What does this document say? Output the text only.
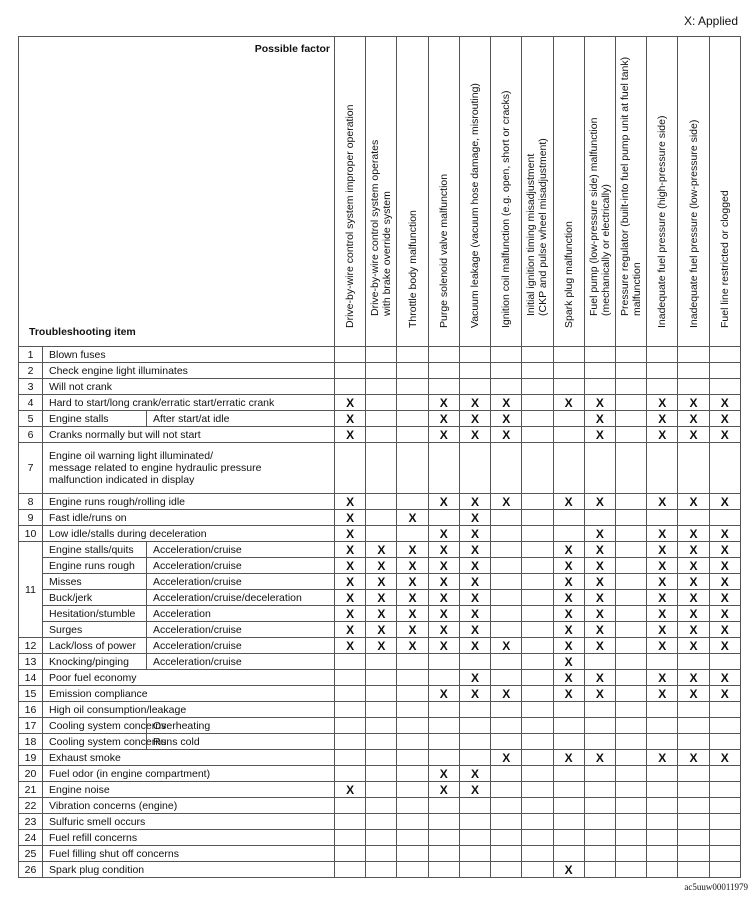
X: Applied
Possible factor
Troubleshooting item			Drive-by-wire control system improper operation	Drive-by-wire control system operates
with brake override system	Throttle body malfunction	Purge solenoid valve malfunction	Vacuum leakage (vacuum hose damage, misrouting)	Ignition coil malfunction (e.g. open, short or cracks)	Initial ignition timing misadjustment
(CKP and pulse wheel misadjustment)	Spark plug malfunction	Fuel pump (low-pressure side) malfunction
(mechanically or electrically)	Pressure regulator (built-into fuel pump unit at fuel tank)
malfunction	Inadequate fuel pressure (high-pressure side)	Inadequate fuel pressure (low-pressure side)	Fuel line restricted or clogged

1	Blown fuses														
2	Check engine light illuminates														
3	Will not crank														
4	Hard to start/long crank/erratic start/erratic crank		X			X	X	X		X	X		X	X	X
5	Engine stalls	After start/at idle	X			X	X	X			X		X	X	X
6	Cranks normally but will not start		X			X	X	X			X		X	X	X
7	Engine oil warning light illuminated/
message related to engine hydraulic pressure
malfunction indicated in display														
8	Engine runs rough/rolling idle		X			X	X	X		X	X		X	X	X
9	Fast idle/runs on		X		X		X								
10	Low idle/stalls during deceleration		X			X	X				X		X	X	X
11	Engine stalls/quits	Acceleration/cruise	X	X	X	X	X			X	X		X	X	X
	Engine runs rough	Acceleration/cruise	X	X	X	X	X			X	X		X	X	X
	Misses	Acceleration/cruise	X	X	X	X	X			X	X		X	X	X
	Buck/jerk	Acceleration/cruise/deceleration	X	X	X	X	X			X	X		X	X	X
	Hesitation/stumble	Acceleration	X	X	X	X	X			X	X		X	X	X
	Surges	Acceleration/cruise	X	X	X	X	X			X	X		X	X	X
12	Lack/loss of power	Acceleration/cruise	X	X	X	X	X	X		X	X		X	X	X
13	Knocking/pinging	Acceleration/cruise								X					
14	Poor fuel economy						X			X	X		X	X	X
15	Emission compliance					X	X	X		X	X		X	X	X
16	High oil consumption/leakage														
17	Cooling system concerns	Overheating													
18	Cooling system concerns	Runs cold													
19	Exhaust smoke							X		X	X		X	X	X
20	Fuel odor (in engine compartment)					X	X								
21	Engine noise		X			X	X								
22	Vibration concerns (engine)														
23	Sulfuric smell occurs														
24	Fuel refill concerns														
25	Fuel filling shut off concerns														
26	Spark plug condition									X					
ac5uuw00011979
